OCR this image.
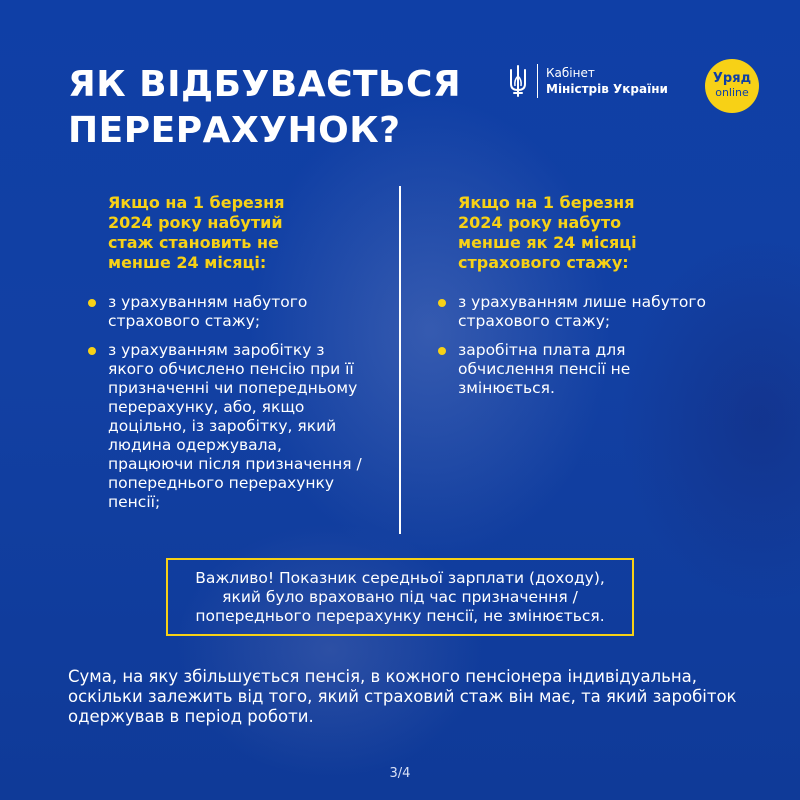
ЯК ВІДБУВАЄТЬСЯ
ПЕРЕРАХУНОК?
Кабінет
Міністрів України
Уряд
online

Якщо на 1 березня 2024 року набутий стаж становить не менше 24 місяці:

з урахуванням набутого страхового стажу;
з урахуванням заробітку з якого обчислено пенсію при її призначенні чи попередньому перерахунку, або, якщо доцільно, із заробітку, який людина одержувала, працюючи після призначення / попереднього перерахунку пенсії;

Якщо на 1 березня 2024 року набуто менше як 24 місяці страхового стажу:

з урахуванням лише набутого страхового стажу;
заробітна плата для обчислення пенсії не змінюється.
Важливо! Показник середньої зарплати (доходу), який було враховано під час призначення / попереднього перерахунку пенсії, не змінюється.

Сума, на яку збільшується пенсія, в кожного пенсіонера індивідуальна, оскільки залежить від того, який страховий стаж він має, та який заробіток одержував в період роботи.

3/4
